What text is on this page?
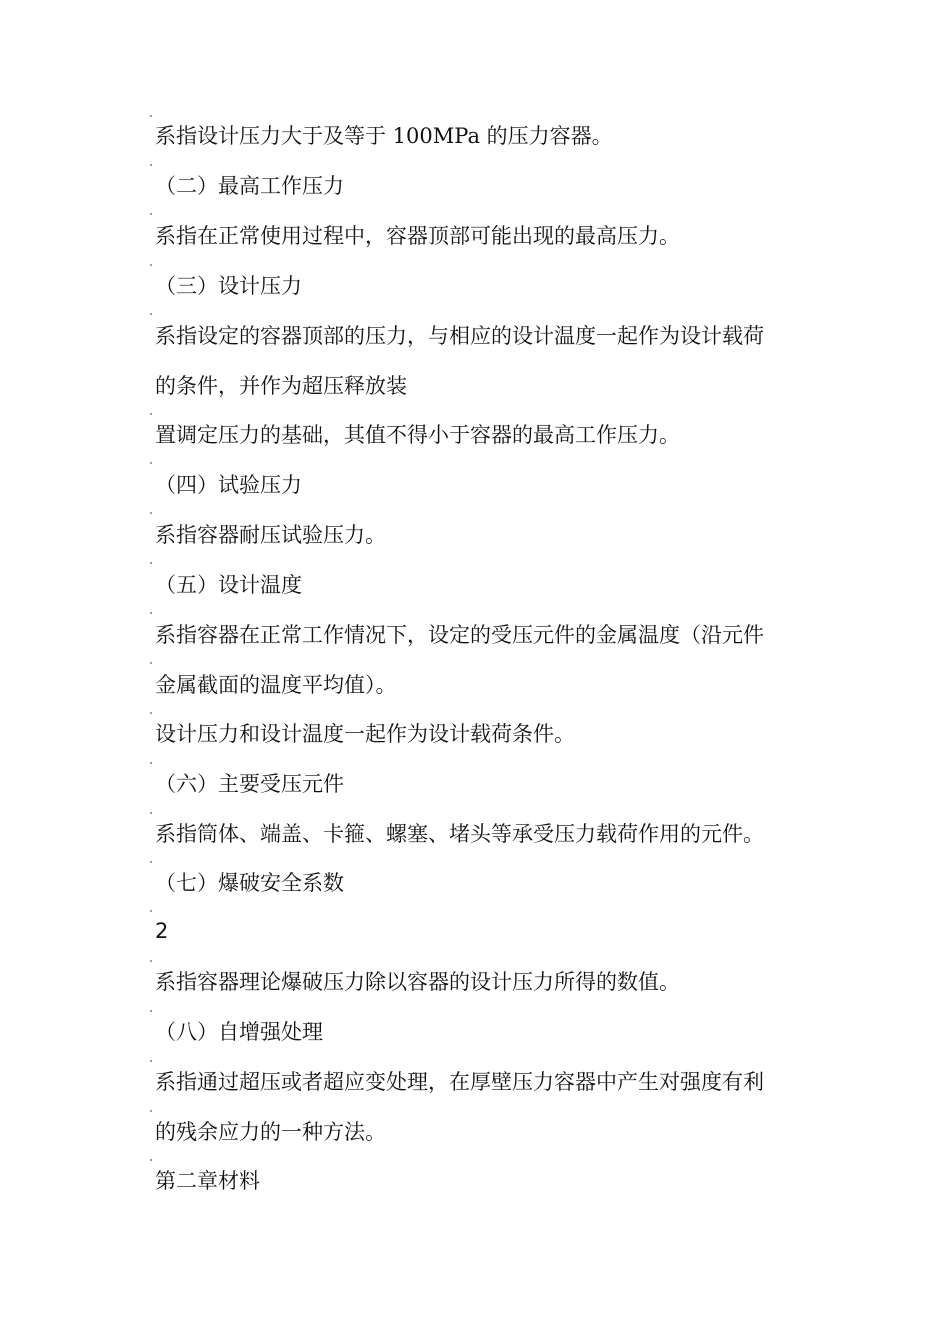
系指设计压力大于及等于 100MPa 的压力容器。
（二）最高工作压力
系指在正常使用过程中，容器顶部可能出现的最高压力。
（三）设计压力
系指设定的容器顶部的压力，与相应的设计温度一起作为设计载荷
的条件，并作为超压释放装
置调定压力的基础，其值不得小于容器的最高工作压力。
（四）试验压力
系指容器耐压试验压力。
（五）设计温度
系指容器在正常工作情况下，设定的受压元件的金属温度（沿元件
金属截面的温度平均值）。
设计压力和设计温度一起作为设计载荷条件。
（六）主要受压元件
系指筒体、端盖、卡箍、螺塞、堵头等承受压力载荷作用的元件。
（七）爆破安全系数
2
系指容器理论爆破压力除以容器的设计压力所得的数值。
（八）自增强处理
系指通过超压或者超应变处理，在厚壁压力容器中产生对强度有利
的残余应力的一种方法。
第二章材料
